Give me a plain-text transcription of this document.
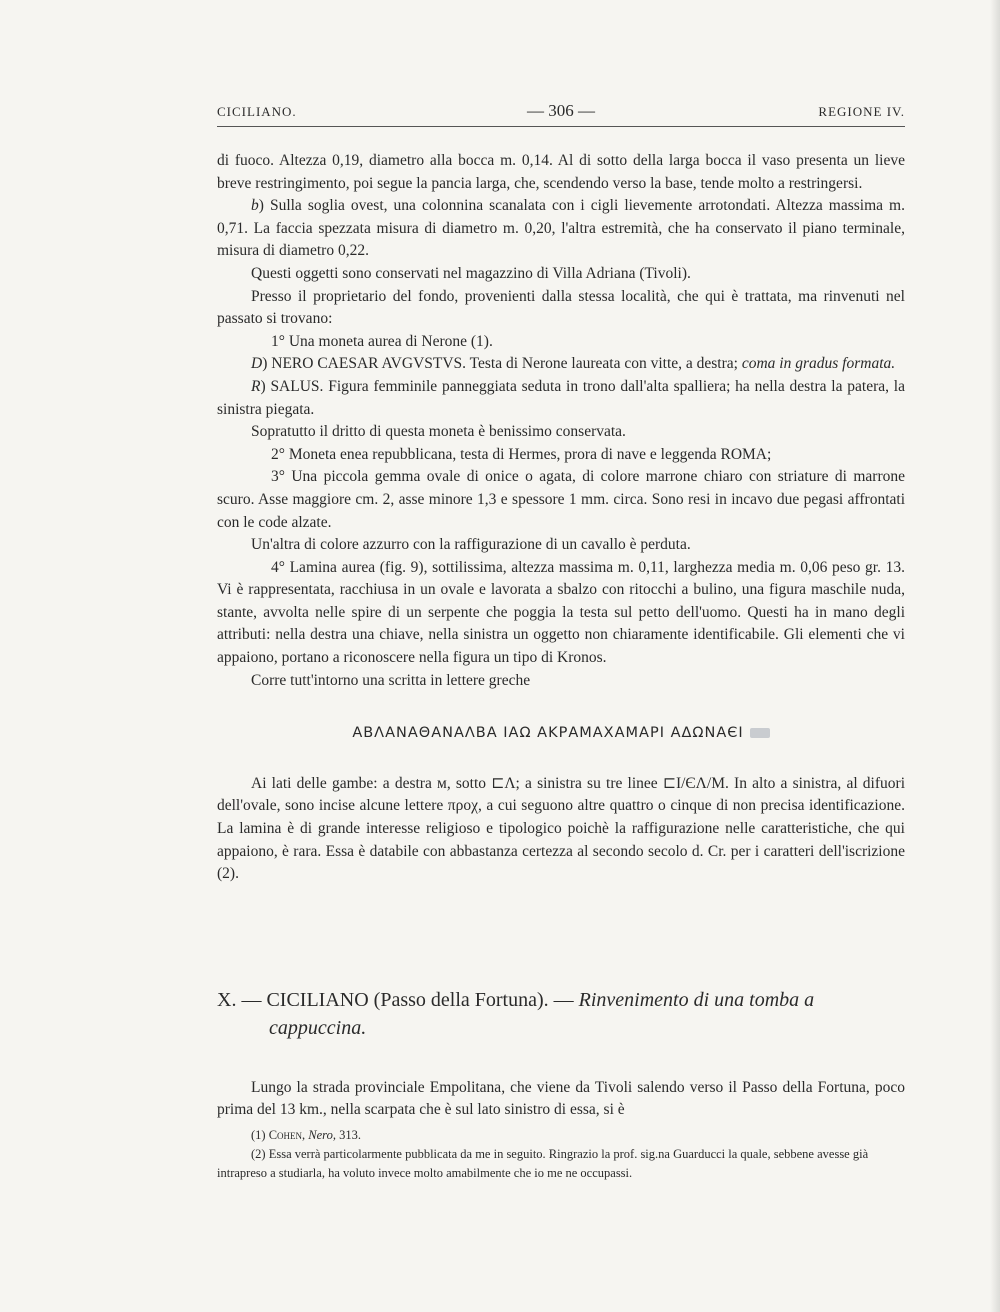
CICILIANO.	— 306 —	REGIONE IV.

di fuoco. Altezza 0,19, diametro alla bocca m. 0,14. Al di sotto della larga bocca il vaso presenta un lieve breve restringimento, poi segue la pancia larga, che, scendendo verso la base, tende molto a restringersi.

b) Sulla soglia ovest, una colonnina scanalata con i cigli lievemente arrotondati. Altezza massima m. 0,71. La faccia spezzata misura di diametro m. 0,20, l'altra estremità, che ha conservato il piano terminale, misura di diametro 0,22.

Questi oggetti sono conservati nel magazzino di Villa Adriana (Tivoli).

Presso il proprietario del fondo, provenienti dalla stessa località, che qui è trattata, ma rinvenuti nel passato si trovano:

1° Una moneta aurea di Nerone (1).

D) NERO CAESAR AVGVSTVS. Testa di Nerone laureata con vitte, a destra; coma in gradus formata.

R) SALUS. Figura femminile panneggiata seduta in trono dall'alta spalliera; ha nella destra la patera, la sinistra piegata.

Sopratutto il dritto di questa moneta è benissimo conservata.

2° Moneta enea repubblicana, testa di Hermes, prora di nave e leggenda ROMA;

3° Una piccola gemma ovale di onice o agata, di colore marrone chiaro con striature di marrone scuro. Asse maggiore cm. 2, asse minore 1,3 e spessore 1 mm. circa. Sono resi in incavo due pegasi affrontati con le code alzate.

Un'altra di colore azzurro con la raffigurazione di un cavallo è perduta.

4° Lamina aurea (fig. 9), sottilissima, altezza massima m. 0,11, larghezza media m. 0,06 peso gr. 13. Vi è rappresentata, racchiusa in un ovale e lavorata a sbalzo con ritocchi a bulino, una figura maschile nuda, stante, avvolta nelle spire di un serpente che poggia la testa sul petto dell'uomo. Questi ha in mano degli attributi: nella destra una chiave, nella sinistra un oggetto non chiaramente identificabile. Gli elementi che vi appaiono, portano a riconoscere nella figura un tipo di Kronos.

Corre tutt'intorno una scritta in lettere greche

ΑΒΛΑΝΑΘΑΝΑΛΒΑ ΙΑΩ ΑΚΡΑΜΑΧΑΜΑΡΙ ΑΔΩΝΑЄΙ

Ai lati delle gambe: a destra ᴍ, sotto ⊏Λ; a sinistra su tre linee ⊏Ι/ЄΛ/Μ. In alto a sinistra, al difuori dell'ovale, sono incise alcune lettere προχ, a cui seguono altre quattro o cinque di non precisa identificazione. La lamina è di grande interesse religioso e tipologico poichè la raffigurazione nelle caratteristiche, che qui appaiono, è rara. Essa è databile con abbastanza certezza al secondo secolo d. Cr. per i caratteri dell'iscrizione (2).

X. — CICILIANO (Passo della Fortuna). — Rinvenimento di una tomba a
cappuccina.

Lungo la strada provinciale Empolitana, che viene da Tivoli salendo verso il Passo della Fortuna, poco prima del 13 km., nella scarpata che è sul lato sinistro di essa, si è

(1) Cohen, Nero, 313.

(2) Essa verrà particolarmente pubblicata da me in seguito. Ringrazio la prof. sig.na Guarducci la quale, sebbene avesse già intrapreso a studiarla, ha voluto invece molto amabilmente che io me ne occupassi.
